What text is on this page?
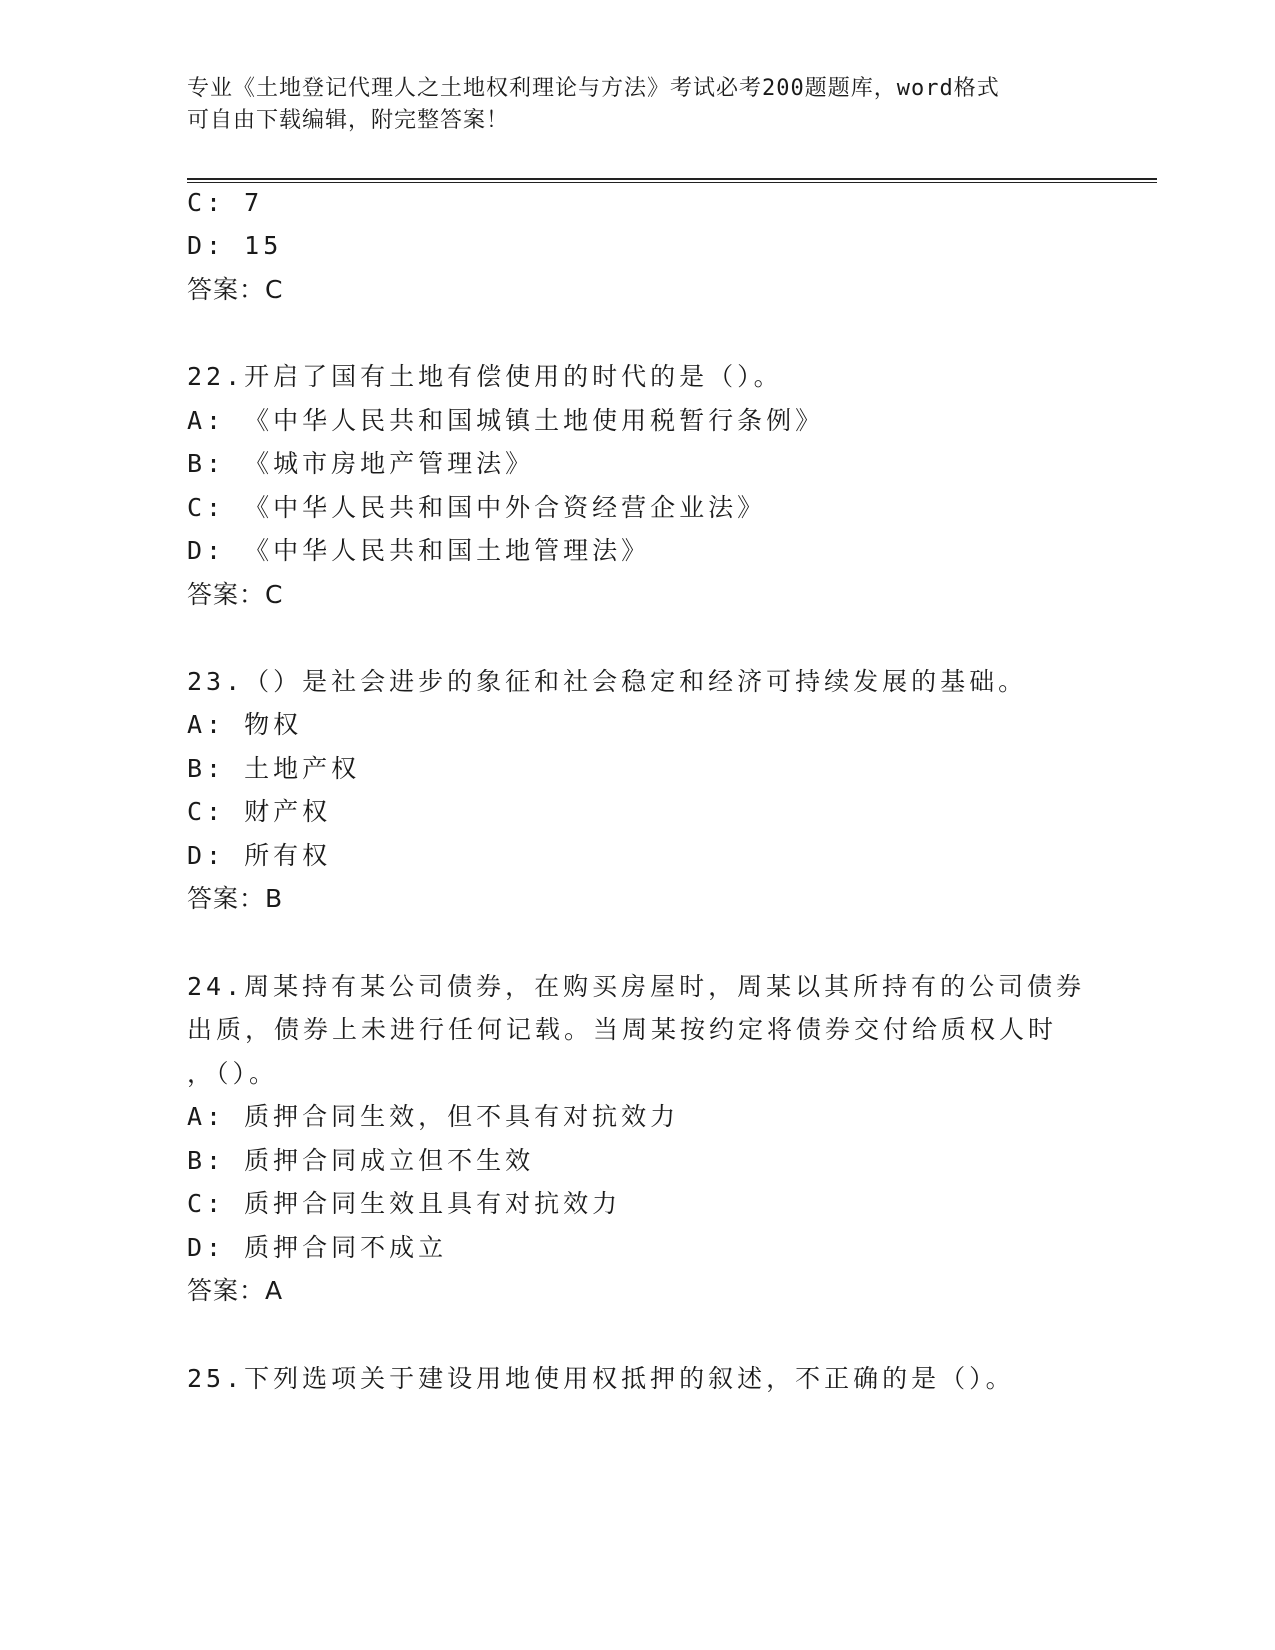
专业《土地登记代理人之土地权利理论与方法》考试必考200题题库，word格式
可自由下载编辑，附完整答案！
C: 7
D: 15
答案：C
22.开启了国有土地有偿使用的时代的是（）。
A: 《中华人民共和国城镇土地使用税暂行条例》
B: 《城市房地产管理法》
C: 《中华人民共和国中外合资经营企业法》
D: 《中华人民共和国土地管理法》
答案：C
23.（）是社会进步的象征和社会稳定和经济可持续发展的基础。
A: 物权
B: 土地产权
C: 财产权
D: 所有权
答案：B
24.周某持有某公司债券，在购买房屋时，周某以其所持有的公司债券
出质，债券上未进行任何记载。当周某按约定将债券交付给质权人时
，（）。
A: 质押合同生效，但不具有对抗效力
B: 质押合同成立但不生效
C: 质押合同生效且具有对抗效力
D: 质押合同不成立
答案：A
25.下列选项关于建设用地使用权抵押的叙述，不正确的是（）。
